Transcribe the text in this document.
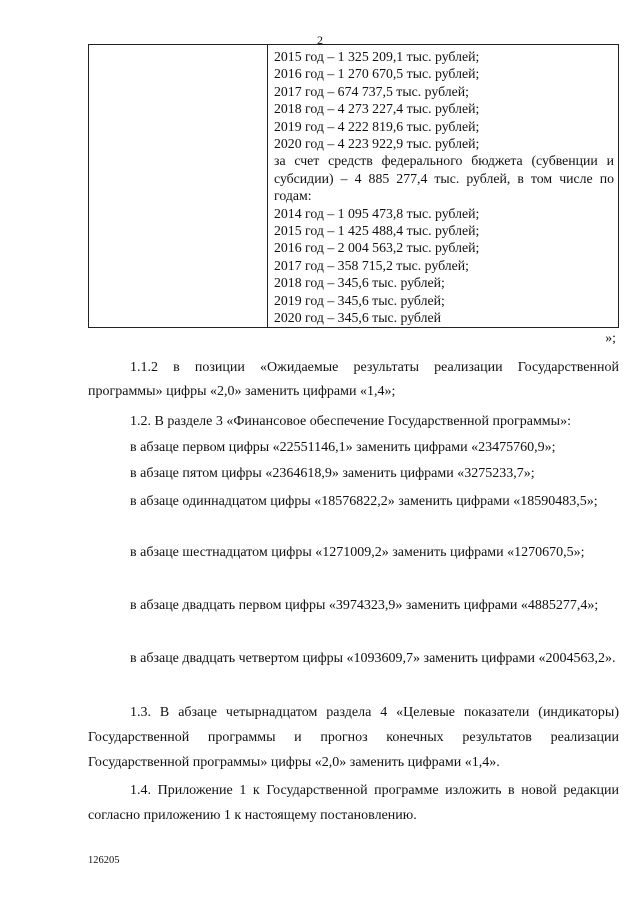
2
2015 год – 1 325 209,1 тыс. рублей;
2016 год – 1 270 670,5 тыс. рублей;
2017 год – 674 737,5 тыс. рублей;
2018 год – 4 273 227,4 тыс. рублей;
2019 год – 4 222 819,6 тыс. рублей;
2020 год – 4 223 922,9 тыс. рублей;
за счет средств федерального бюджета (субвенции и субсидии) – 4 885 277,4 тыс. рублей, в том числе по годам:
2014 год – 1 095 473,8 тыс. рублей;
2015 год – 1 425 488,4 тыс. рублей;
2016 год – 2 004 563,2 тыс. рублей;
2017 год – 358 715,2 тыс. рублей;
2018 год – 345,6 тыс. рублей;
2019 год – 345,6 тыс. рублей;
2020 год – 345,6 тыс. рублей
»;
1.1.2 в позиции «Ожидаемые результаты реализации Государственной программы» цифры «2,0» заменить цифрами «1,4»;
1.2. В разделе 3 «Финансовое обеспечение Государственной программы»:
в абзаце первом цифры «22551146,1» заменить цифрами «23475760,9»;
в абзаце пятом цифры «2364618,9» заменить цифрами «3275233,7»;
в абзаце одиннадцатом цифры «18576822,2» заменить цифрами «18590483,5»;
в абзаце шестнадцатом цифры «1271009,2» заменить цифрами «1270670,5»;
в абзаце двадцать первом цифры «3974323,9» заменить цифрами «4885277,4»;
в абзаце двадцать четвертом цифры «1093609,7» заменить цифрами «2004563,2».
1.3. В абзаце четырнадцатом раздела 4 «Целевые показатели (индикаторы) Государственной программы и прогноз конечных результатов реализации Государственной программы» цифры «2,0» заменить цифрами «1,4».
1.4. Приложение 1 к Государственной программе изложить в новой редакции согласно приложению 1 к настоящему постановлению.
126205
